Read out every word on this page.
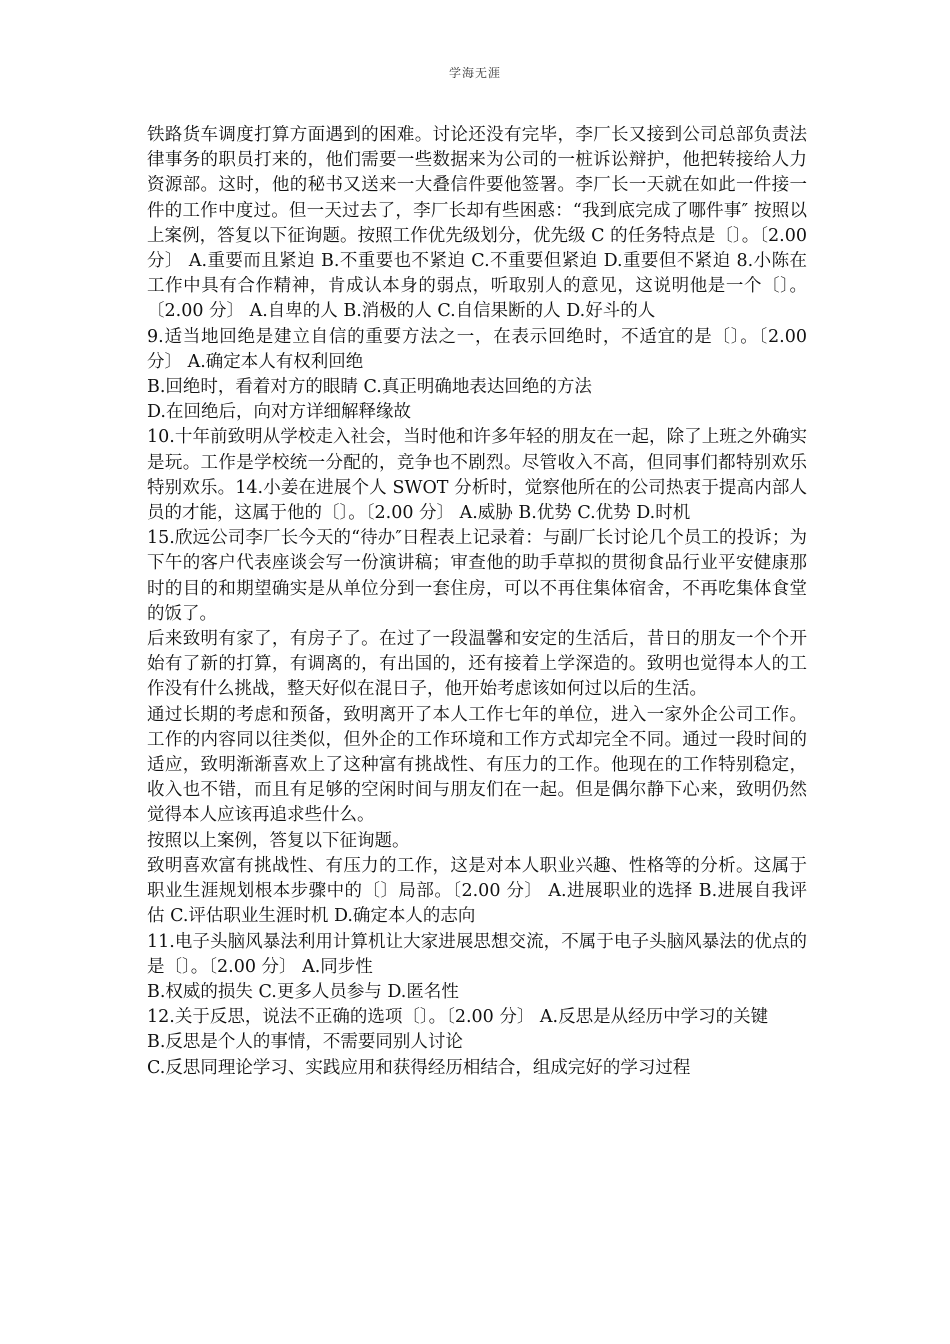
学海无涯

铁路货车调度打算方面遇到的困难。讨论还没有完毕，李厂长又接到公司总部负责法律事务的职员打来的，他们需要一些数据来为公司的一桩诉讼辩护，他把转接给人力资源部。这时，他的秘书又送来一大叠信件要他签署。李厂长一天就在如此一件接一件的工作中度过。但一天过去了，李厂长却有些困惑：“我到底完成了哪件事″ 按照以上案例，答复以下征询题。按照工作优先级划分，优先级 C 的任务特点是〔〕。〔2.00 分〕 A.重要而且紧迫 B.不重要也不紧迫 C.不重要但紧迫 D.重要但不紧迫 8.小陈在工作中具有合作精神，肯成认本身的弱点，听取别人的意见，这说明他是一个〔〕。〔2.00 分〕 A.自卑的人 B.消极的人 C.自信果断的人 D.好斗的人

9.适当地回绝是建立自信的重要方法之一，在表示回绝时，不适宜的是〔〕。〔2.00 分〕 A.确定本人有权利回绝

B.回绝时，看着对方的眼睛 C.真正明确地表达回绝的方法

D.在回绝后，向对方详细解释缘故

10.十年前致明从学校走入社会，当时他和许多年轻的朋友在一起，除了上班之外确实是玩。工作是学校统一分配的，竞争也不剧烈。尽管收入不高，但同事们都特别欢乐特别欢乐。14.小姜在进展个人 SWOT 分析时，觉察他所在的公司热衷于提高内部人员的才能，这属于他的〔〕。〔2.00 分〕 A.威胁 B.优势 C.优势 D.时机

15.欣远公司李厂长今天的“待办″日程表上记录着：与副厂长讨论几个员工的投诉；为下午的客户代表座谈会写一份演讲稿；审查他的助手草拟的贯彻食品行业平安健康那时的目的和期望确实是从单位分到一套住房，可以不再住集体宿舍，不再吃集体食堂的饭了。

后来致明有家了，有房子了。在过了一段温馨和安定的生活后，昔日的朋友一个个开始有了新的打算，有调离的，有出国的，还有接着上学深造的。致明也觉得本人的工作没有什么挑战，整天好似在混日子，他开始考虑该如何过以后的生活。

通过长期的考虑和预备，致明离开了本人工作七年的单位，进入一家外企公司工作。工作的内容同以往类似，但外企的工作环境和工作方式却完全不同。通过一段时间的适应，致明渐渐喜欢上了这种富有挑战性、有压力的工作。他现在的工作特别稳定，收入也不错，而且有足够的空闲时间与朋友们在一起。但是偶尔静下心来，致明仍然觉得本人应该再追求些什么。

按照以上案例，答复以下征询题。

致明喜欢富有挑战性、有压力的工作，这是对本人职业兴趣、性格等的分析。这属于职业生涯规划根本步骤中的〔〕局部。〔2.00 分〕 A.进展职业的选择 B.进展自我评估 C.评估职业生涯时机 D.确定本人的志向

11.电子头脑风暴法利用计算机让大家进展思想交流，不属于电子头脑风暴法的优点的是〔〕。〔2.00 分〕 A.同步性

B.权威的损失 C.更多人员参与 D.匿名性

12.关于反思，说法不正确的选项〔〕。〔2.00 分〕 A.反思是从经历中学习的关键

B.反思是个人的事情，不需要同别人讨论

C.反思同理论学习、实践应用和获得经历相结合，组成完好的学习过程
